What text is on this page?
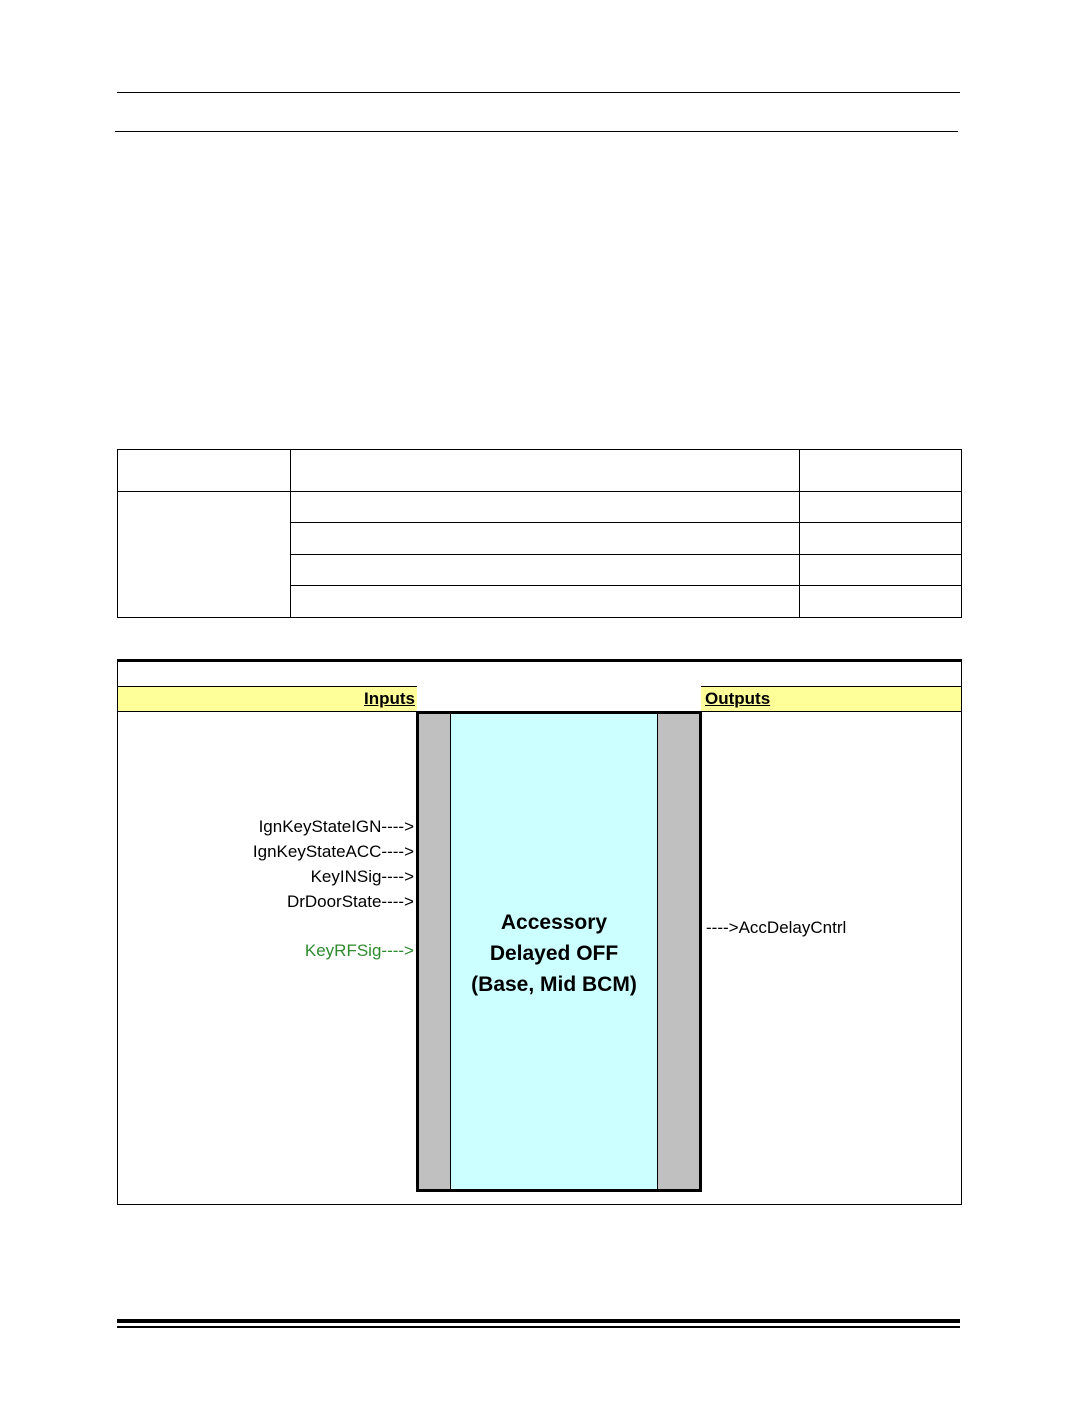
Inputs	Outputs
Accessory
Delayed OFF
(Base, Mid BCM)
IgnKeyStateIGN---->
IgnKeyStateACC---->
KeyINSig---->
DrDoorState---->
KeyRFSig---->
---->AccDelayCntrl
